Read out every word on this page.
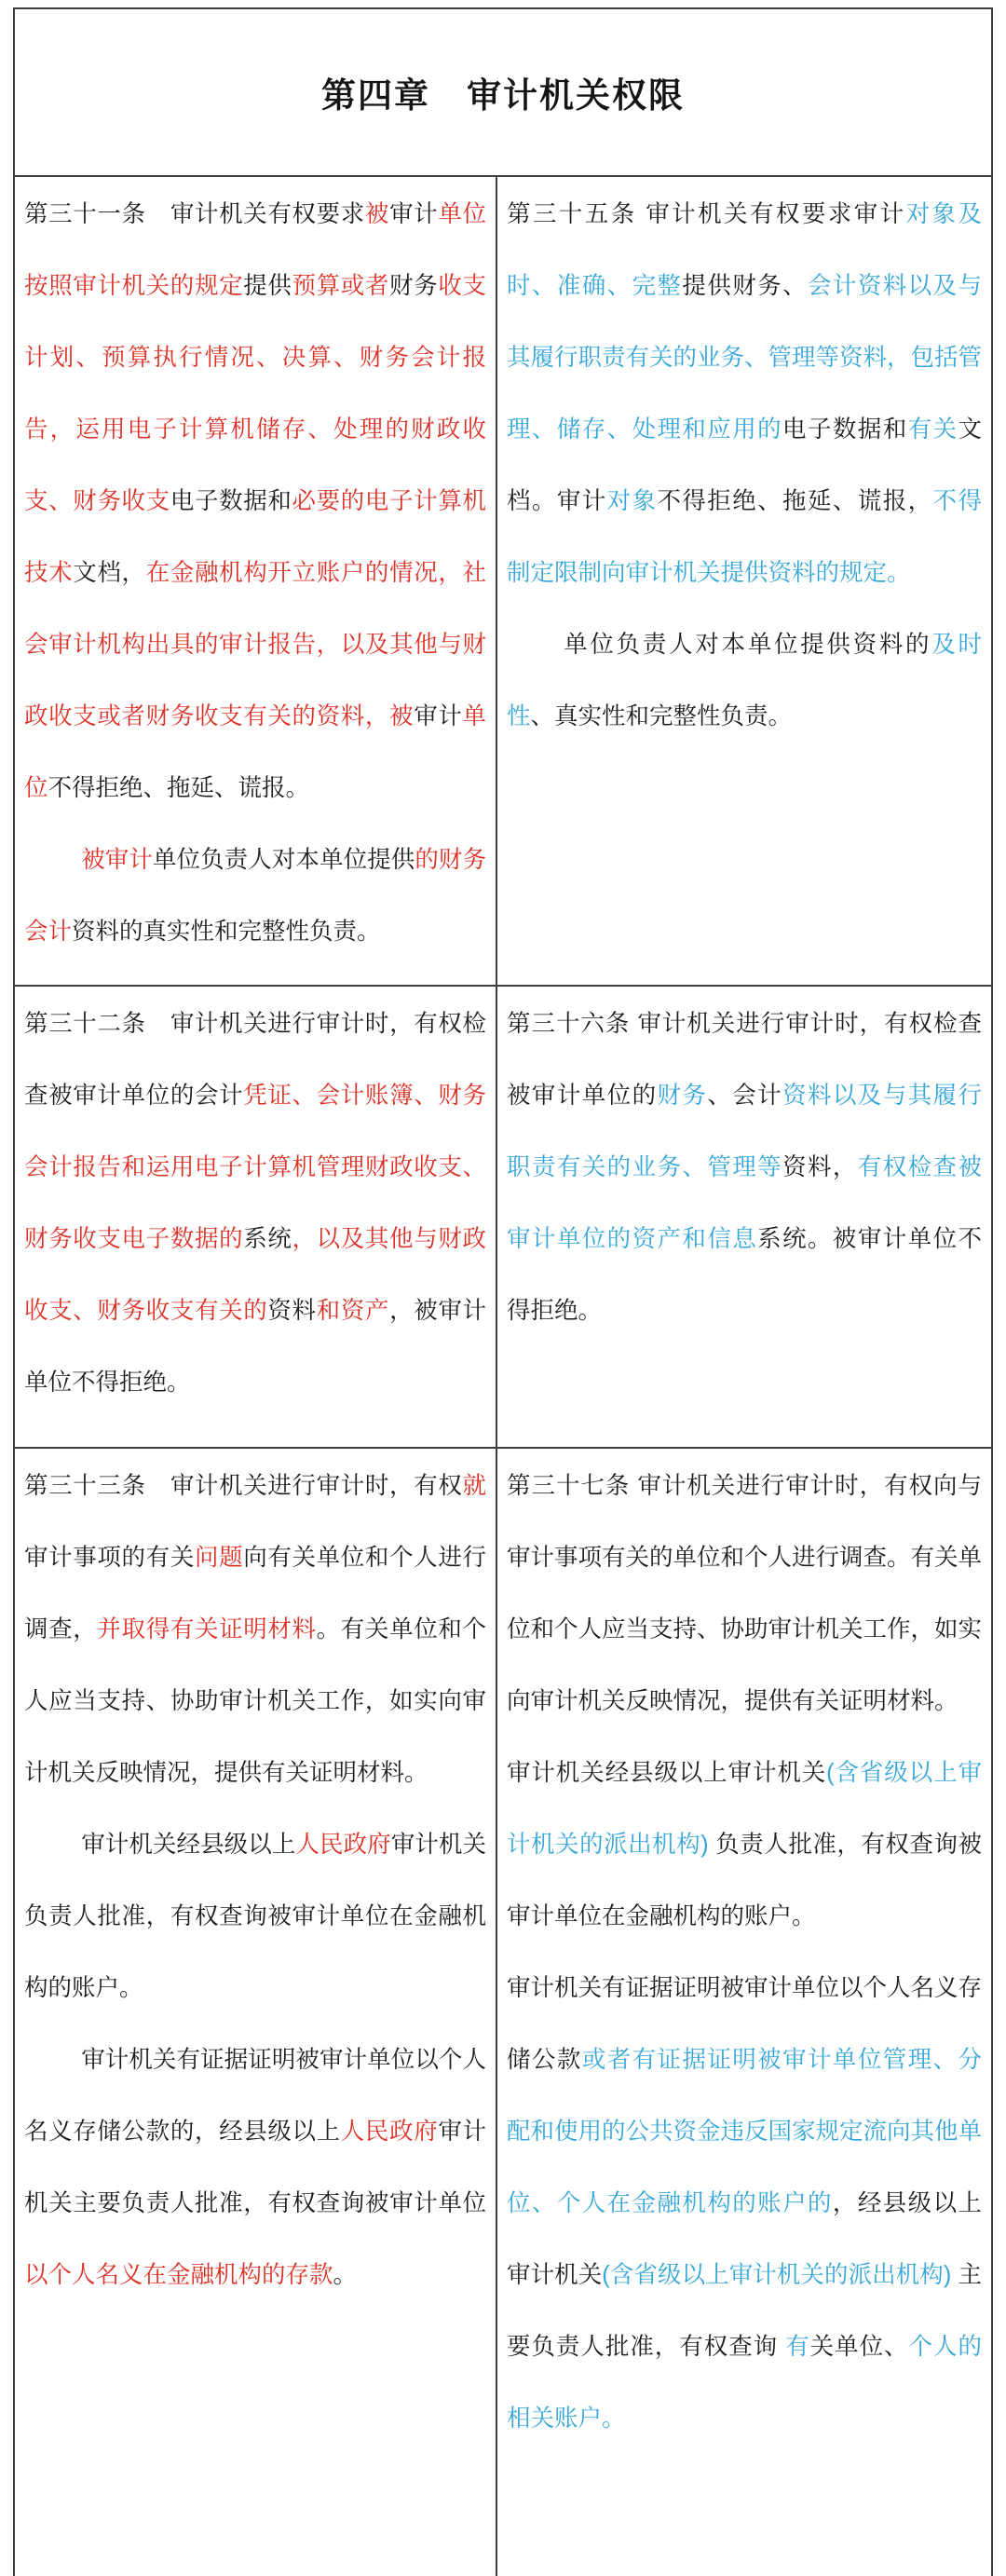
第四章　审计机关权限
第三十一条　审计机关有权要求被审计单位按照审计机关的规定提供预算或者财务收支计划、预算执行情况、决算、财务会计报告，运用电子计算机储存、处理的财政收支、财务收支电子数据和必要的电子计算机技术文档，在金融机构开立账户的情况，社会审计机构出具的审计报告，以及其他与财政收支或者财务收支有关的资料，被审计单位不得拒绝、拖延、谎报。
被审计单位负责人对本单位提供的财务会计资料的真实性和完整性负责。
第三十五条 审计机关有权要求审计对象及时、准确、完整提供财务、会计资料以及与其履行职责有关的业务、管理等资料，包括管理、储存、处理和应用的电子数据和有关文档。审计对象不得拒绝、拖延、谎报，不得制定限制向审计机关提供资料的规定。
单位负责人对本单位提供资料的及时性、真实性和完整性负责。
第三十二条　审计机关进行审计时，有权检查被审计单位的会计凭证、会计账簿、财务会计报告和运用电子计算机管理财政收支、财务收支电子数据的系统，以及其他与财政收支、财务收支有关的资料和资产，被审计单位不得拒绝。
第三十六条 审计机关进行审计时，有权检查被审计单位的财务、会计资料以及与其履行职责有关的业务、管理等资料，有权检查被审计单位的资产和信息系统。被审计单位不得拒绝。
第三十三条　审计机关进行审计时，有权就审计事项的有关问题向有关单位和个人进行调查，并取得有关证明材料。有关单位和个人应当支持、协助审计机关工作，如实向审计机关反映情况，提供有关证明材料。
审计机关经县级以上人民政府审计机关负责人批准，有权查询被审计单位在金融机构的账户。
审计机关有证据证明被审计单位以个人名义存储公款的，经县级以上人民政府审计机关主要负责人批准，有权查询被审计单位以个人名义在金融机构的存款。
第三十七条 审计机关进行审计时，有权向与审计事项有关的单位和个人进行调查。有关单位和个人应当支持、协助审计机关工作，如实向审计机关反映情况，提供有关证明材料。
审计机关经县级以上审计机关(含省级以上审计机关的派出机构) 负责人批准，有权查询被审计单位在金融机构的账户。
审计机关有证据证明被审计单位以个人名义存储公款或者有证据证明被审计单位管理、分配和使用的公共资金违反国家规定流向其他单位、个人在金融机构的账户的，经县级以上审计机关(含省级以上审计机关的派出机构) 主要负责人批准，有权查询 有关单位、个人的相关账户。
